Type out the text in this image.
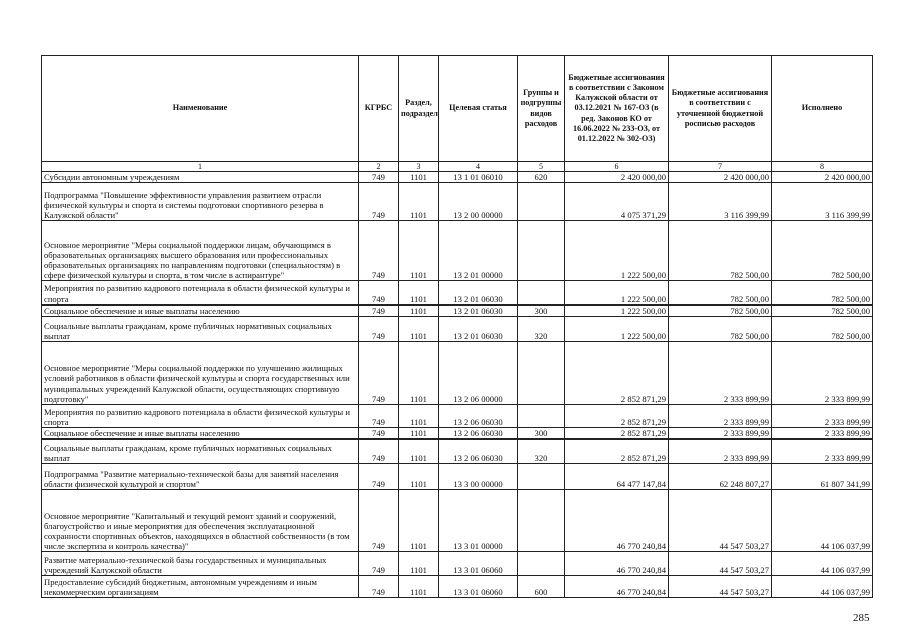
Наименование	КГРБС	Раздел, подраздел	Целевая статья	Группы и подгруппы видов расходов	Бюджетные ассигнования в соответствии с Законом Калужской области от 03.12.2021 № 167-ОЗ (в ред. Законов КО от 16.06.2022 № 233-ОЗ, от 01.12.2022 № 302-ОЗ)	Бюджетные ассигнования в соответствии с уточненной бюджетной росписью расходов	Исполнено
1	2	3	4	5	6	7	8
Субсидии автономным учреждениям	749	1101	13 1 01 06010	620	2 420 000,00	2 420 000,00	2 420 000,00
Подпрограмма "Повышение эффективности управления развитием отрасли физической культуры и спорта и системы подготовки спортивного резерва в Калужской области"	749	1101	13 2 00 00000		4 075 371,29	3 116 399,99	3 116 399,99
Основное мероприятие "Меры социальной поддержки лицам, обучающимся в образовательных организациях высшего образования или профессиональных образовательных организациях по направлениям подготовки (специальностям) в сфере физической культуры и спорта, в том числе в аспирантуре"	749	1101	13 2 01 00000		1 222 500,00	782 500,00	782 500,00
Мероприятия по развитию кадрового потенциала в области физической культуры и спорта	749	1101	13 2 01 06030		1 222 500,00	782 500,00	782 500,00
Социальное обеспечение и иные выплаты населению	749	1101	13 2 01 06030	300	1 222 500,00	782 500,00	782 500,00
Социальные выплаты гражданам, кроме публичных нормативных социальных выплат	749	1101	13 2 01 06030	320	1 222 500,00	782 500,00	782 500,00
Основное мероприятие "Меры социальной поддержки по улучшению жилищных условий работников в области физической культуры и спорта государственных или муниципальных учреждений Калужской области, осуществляющих спортивную подготовку"	749	1101	13 2 06 00000		2 852 871,29	2 333 899,99	2 333 899,99
Мероприятия по развитию кадрового потенциала в области физической культуры и спорта	749	1101	13 2 06 06030		2 852 871,29	2 333 899,99	2 333 899,99
Социальное обеспечение и иные выплаты населению	749	1101	13 2 06 06030	300	2 852 871,29	2 333 899,99	2 333 899,99
Социальные выплаты гражданам, кроме публичных нормативных социальных выплат	749	1101	13 2 06 06030	320	2 852 871,29	2 333 899,99	2 333 899,99
Подпрограмма "Развитие материально-технической базы для занятий населения области физической культурой и спортом"	749	1101	13 3 00 00000		64 477 147,84	62 248 807,27	61 807 341,99
Основное мероприятие "Капитальный и текущий ремонт зданий и сооружений, благоустройство и иные мероприятия для обеспечения эксплуатационной сохранности спортивных объектов, находящихся в областной собственности (в том числе экспертиза и контроль качества)"	749	1101	13 3 01 00000		46 770 240,84	44 547 503,27	44 106 037,99
Развитие материально-технической базы государственных и муниципальных учреждений Калужской области	749	1101	13 3 01 06060		46 770 240,84	44 547 503,27	44 106 037,99
Предоставление субсидий бюджетным, автономным учреждениям и иным некоммерческим организациям	749	1101	13 3 01 06060	600	46 770 240,84	44 547 503,27	44 106 037,99
285
